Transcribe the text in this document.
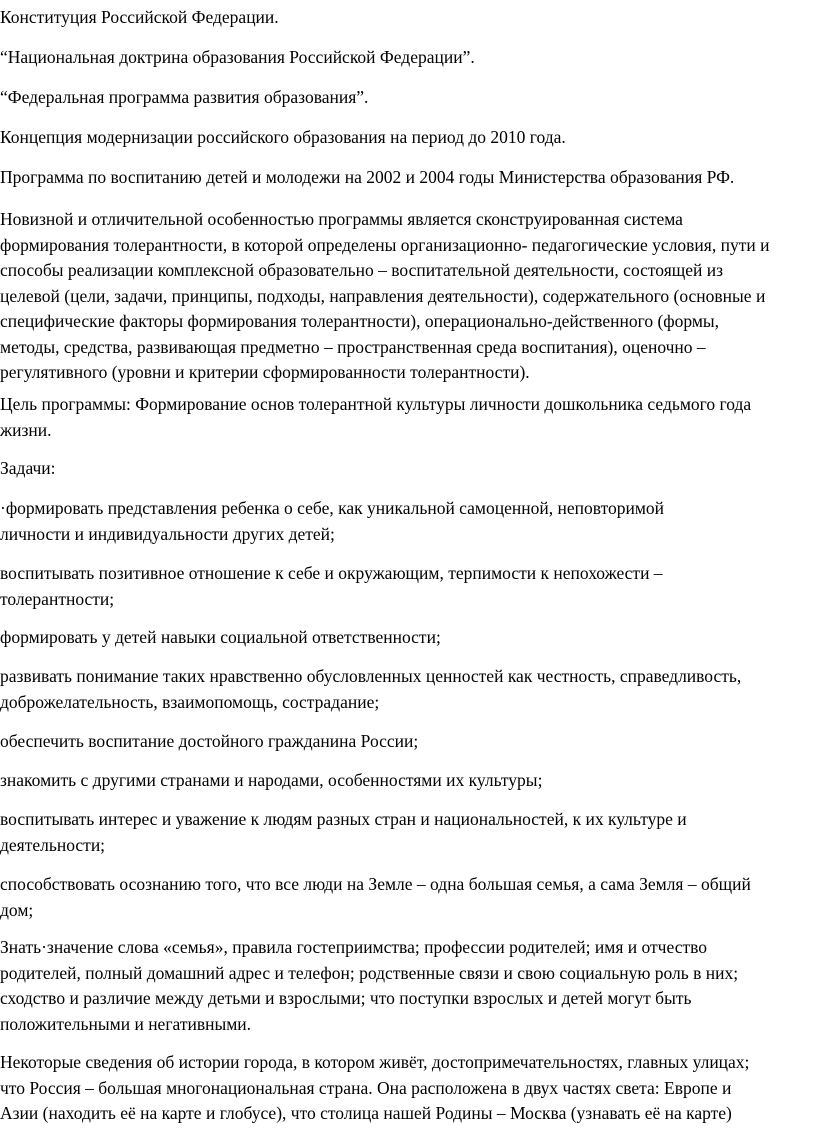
Конституция Российской Федерации.

“Национальная доктрина образования Российской Федерации”.

“Федеральная программа развития образования”.

Концепция модернизации российского образования на период до 2010 года.

Программа по воспитанию детей и молодежи на 2002 и 2004 годы Министерства образования РФ.

Новизной и отличительной особенностью программы является сконструированная система
формирования толерантности, в которой определены организационно- педагогические условия, пути и
способы реализации комплексной образовательно – воспитательной деятельности, состоящей из
целевой (цели, задачи, принципы, подходы, направления деятельности), содержательного (основные и
специфические факторы формирования толерантности), операционально-действенного (формы,
методы, средства, развивающая предметно – пространственная среда воспитания), оценочно –
регулятивного (уровни и критерии сформированности толерантности).

Цель программы: Формирование основ толерантной культуры личности дошкольника седьмого года
жизни.

Задачи:

·формировать представления ребенка о себе, как уникальной самоценной, неповторимой
личности и индивидуальности других детей;

воспитывать позитивное отношение к себе и окружающим, терпимости к непохожести –
толерантности;

формировать у детей навыки социальной ответственности;

развивать понимание таких нравственно обусловленных ценностей как честность, справедливость,
доброжелательность, взаимопомощь, сострадание;

обеспечить воспитание достойного гражданина России;

знакомить с другими странами и народами, особенностями их культуры;

воспитывать интерес и уважение к людям разных стран и национальностей, к их культуре и
деятельности;

способствовать осознанию того, что все люди на Земле – одна большая семья, а сама Земля – общий
дом;

Знать·значение слова «семья», правила гостеприимства; профессии родителей; имя и отчество
родителей, полный домашний адрес и телефон; родственные связи и свою социальную роль в них;
сходство и различие между детьми и взрослыми; что поступки взрослых и детей могут быть
положительными и негативными.

Некоторые сведения об истории города, в котором живёт, достопримечательностях, главных улицах;
что Россия – большая многонациональная страна. Она расположена в двух частях света: Европе и
Азии (находить её на карте и глобусе), что столица нашей Родины – Москва (узнавать её на карте)
